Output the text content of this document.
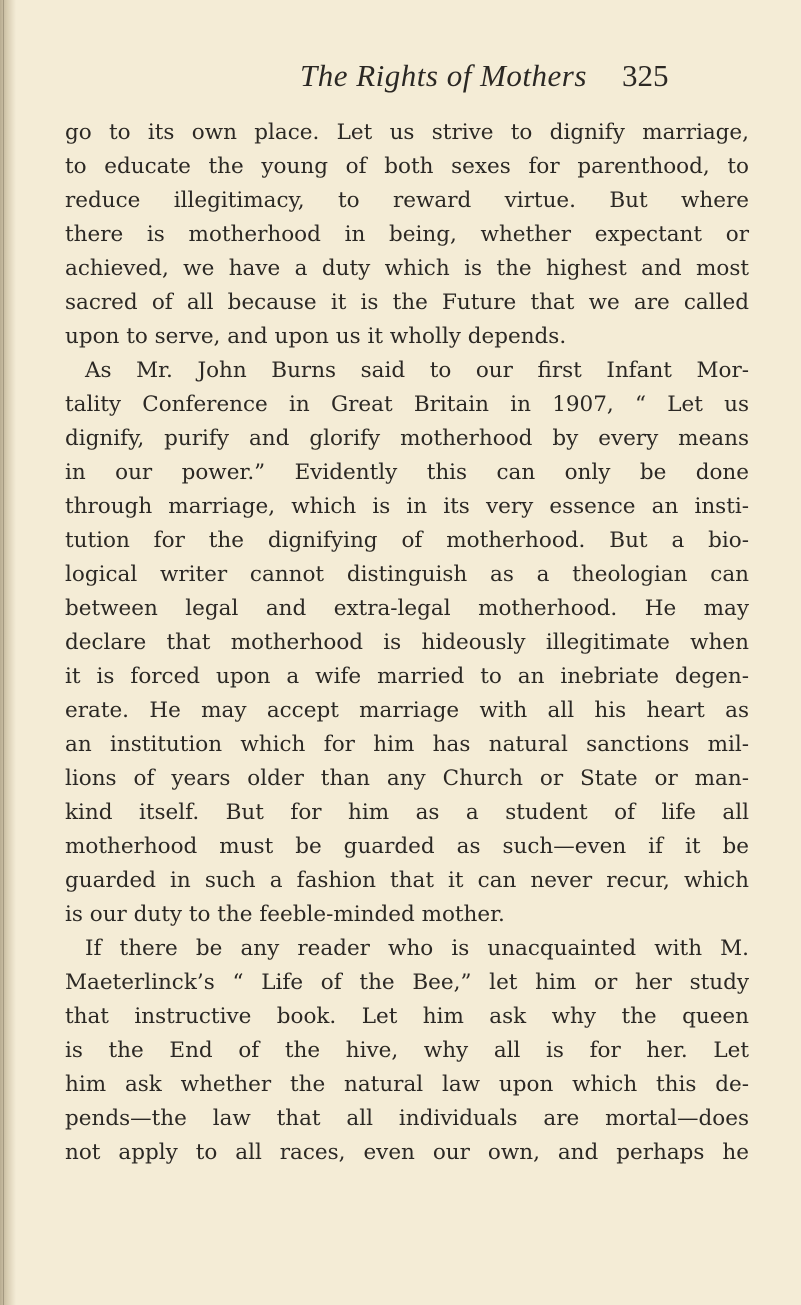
The Rights of Mothers	325
go to its own place. Let us strive to dignify marriage,
to educate the young of both sexes for parenthood, to
reduce illegitimacy, to reward virtue. But where
there is motherhood in being, whether expectant or
achieved, we have a duty which is the highest and most
sacred of all because it is the Future that we are called
upon to serve, and upon us it wholly depends.
As Mr. John Burns said to our first Infant Mor-
tality Conference in Great Britain in 1907, “ Let us
dignify, purify and glorify motherhood by every means
in our power.” Evidently this can only be done
through marriage, which is in its very essence an insti-
tution for the dignifying of motherhood. But a bio-
logical writer cannot distinguish as a theologian can
between legal and extra-legal motherhood. He may
declare that motherhood is hideously illegitimate when
it is forced upon a wife married to an inebriate degen-
erate. He may accept marriage with all his heart as
an institution which for him has natural sanctions mil-
lions of years older than any Church or State or man-
kind itself. But for him as a student of life all
motherhood must be guarded as such—even if it be
guarded in such a fashion that it can never recur, which
is our duty to the feeble-minded mother.
If there be any reader who is unacquainted with M.
Maeterlinck’s “ Life of the Bee,” let him or her study
that instructive book. Let him ask why the queen
is the End of the hive, why all is for her. Let
him ask whether the natural law upon which this de-
pends—the law that all individuals are mortal—does
not apply to all races, even our own, and perhaps he
